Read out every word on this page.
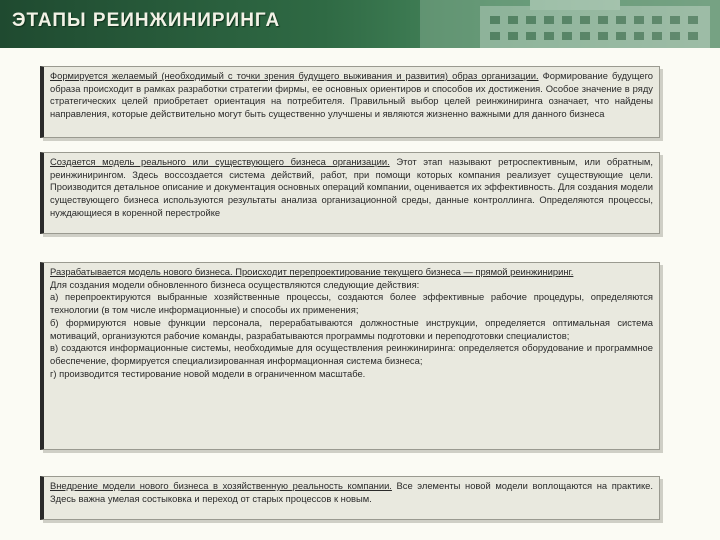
ЭТАПЫ РЕИНЖИНИРИНГА

Формируется желаемый (необходимый с точки зрения будущего выживания и развития) образ организации. Формирование будущего образа происходит в рамках разработки стратегии фирмы, ее основных ориентиров и способов их достижения. Особое значение в ряду стратегических целей приобретает ориентация на потребителя. Правильный выбор целей реинжиниринга означает, что найдены направления, которые действительно могут быть существенно улучшены и являются жизненно важными для данного бизнеса

Создается модель реального или существующего бизнеса организации. Этот этап называют ретроспективным, или обратным, реинжинирингом. Здесь воссоздается система действий, работ, при помощи которых компания реализует существующие цели. Производится детальное описание и документация основных операций компании, оценивается их эффективность. Для создания модели существующего бизнеса используются результаты анализа организационной среды, данные контроллинга. Определяются процессы, нуждающиеся в коренной перестройке

Разрабатывается модель нового бизнеса. Происходит перепроектирование текущего бизнеса — прямой реинжиниринг.
Для создания модели обновленного бизнеса осуществляются следующие действия:
а) перепроектируются выбранные хозяйственные процессы, создаются более эффективные рабочие процедуры, определяются технологии (в том числе информационные) и способы их применения;
б) формируются новые функции персонала, перерабатываются должностные инструкции, определяется оптимальная система мотиваций, организуются рабочие команды, разрабатываются программы подготовки и переподготовки специалистов;
в) создаются информационные системы, необходимые для осуществления реинжиниринга: определяется оборудование и программное обеспечение, формируется специализированная информационная система бизнеса;
г) производится тестирование новой модели в ограниченном масштабе.

Внедрение модели нового бизнеса в хозяйственную реальность компании. Все элементы новой модели воплощаются на практике. Здесь важна умелая состыковка и переход от старых процессов к новым.
